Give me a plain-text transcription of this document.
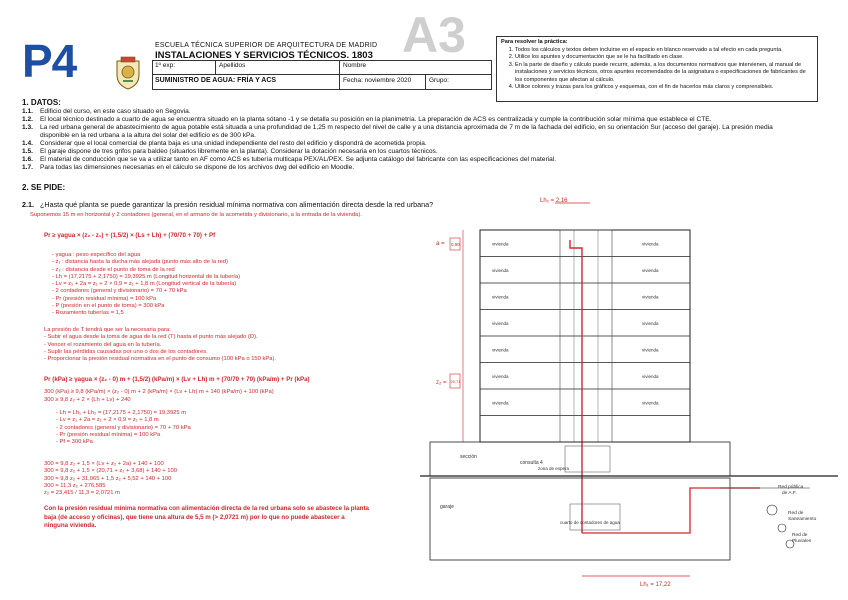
P4	A3
ESCUELA TÉCNICA SUPERIOR DE ARQUITECTURA DE MADRID
INSTALACIONES Y SERVICIOS TÉCNICOS. 1803
1º exp:	Apellidos	Nombre
SUMINISTRO DE AGUA: FRÍA Y ACS	Fecha: noviembre 2020	Grupo:
Para resolver la práctica:
1. Todos los cálculos y textos deben incluirse en el espacio en blanco reservado a tal efecto en cada pregunta.
2. Utilice los apuntes y documentación que se le ha facilitado en clase.
3. En la parte de diseño y cálculo puede recurrir, además, a los documentos normativos que intervienen, al manual de instalaciones y servicios técnicos, otros apuntes recomendados de la asignatura o especificaciones de fabricantes de los componentes que afectan al cálculo.
4. Utilice colores y trazas para los gráficos y esquemas, con el fin de hacerlos más claros y comprensibles.
1. DATOS:
1.1. Edificio del curso, en este caso situado en Segovia.
1.2. El local técnico destinado a cuarto de agua se encuentra situado en la planta sótano -1 y se detalla su posición en la planimetría. La preparación de ACS es centralizada y cumple la contribución solar mínima que establece el CTE.
1.3. La red urbana general de abastecimiento de agua potable está situada a una profundidad de 1,25 m respecto del nivel de calle y a una distancia aproximada de 7 m de la fachada del edificio, en su orientación Sur (acceso del garaje). La presión media
disponible en la red urbana a la altura del solar del edificio es de 300 kPa.
1.4. Considerar que el local comercial de planta baja es una unidad independiente del resto del edificio y dispondrá de acometida propia.
1.5. El garaje dispone de tres grifos para baldeo (situarlos libremente en la planta). Considerar la dotación necesaria en los cuartos técnicos.
1.6. El material de conducción que se va a utilizar tanto en AF como ACS es tubería multicapa PEX/AL/PEX. Se adjunta catálogo del fabricante con las especificaciones del material.
1.7. Para todas las dimensiones necesarias en el cálculo se dispone de los archivos dwg del edificio en Moodle.
2. SE PIDE:
2.1. ¿Hasta qué planta se puede garantizar la presión residual mínima normativa con alimentación directa desde la red urbana?
Suponemos 15 m en horizontal y 2 contadores (general, en el armario de la acometida y divisionario, a la entrada de la vivienda).
Pr ≥ γagua × (z₂ - z₁) + (1,5/2) × (Ls + Lh) + (70/70 + 70) + Pf
- γagua : peso específico del agua
- z₁ : distancia hasta la ducha más alejada (punto más alto de la red)
- z₂ : distancia desde el punto de toma de la red
- Lh = (17,2175 + 2,1750) = 19,3925 m (Longitud horizontal de la tubería)
- Lv = z₁ + 2a = z₁ + 2 × 0,9 = z₁ + 1,8 m (Longitud vertical de la tubería)
- 2 contadores (general y divisionario) = 70 + 70 kPa
- Pr (presión residual mínima) = 100 kPa
- P (presión en el punto de toma) = 300 kPa
- Rozamiento tuberías = 1,5
La presión de T tendrá que ser la necesaria para:
- Subir el agua desde la toma de agua de la red (T) hasta el punto más alejado (D).
- Vencer el rozamiento del agua en la tubería.
- Suplir las pérdidas causadas por uno o dos de los contadores.
- Proporcionar la presión residual normativa en el punto de consumo (100 kPa o 150 kPa).
Pr (kPa) ≥ γagua × (z₂ - 0) m + (1,5/2) (kPa/m) × (Lv + Lh) m + (70/70 + 70) (kPa/m) + Pr (kPa)
300 (kPa) ≥ 9,8 (kPa/m) × (z₂ - 0) m + 2 (kPa/m) × (Lv + Lh) m + 140 (kPa/m) + 100 (kPa)
300 ≥ 9,8 z₂ + 2 × (Lh + Lv) + 240
- Lh = Lh₁ + Lh₂ = (17,2175 + 2,1750) = 19,3925 m
- Lv = z₁ + 2a = z₁ + 2 × 0,9 = z₁ + 1,8 m
- 2 contadores (general y divisionario) = 70 + 70 kPa
- Pr (presión residual mínima) = 100 kPa
- Pf = 300 kPa
300 = 9,8 z₂ + 1,5 × (Lv + z₂ + 2a) + 140 + 100
300 = 9,8 z₂ + 1,5 × (20,71 + z₂ + 3,68) + 140 + 100
300 = 9,8 z₂ + 31,065 + 1,5 z₂ + 5,52 + 140 + 100
300 = 11,3 z₂ + 276,585
z₂ = 23,415 / 11,3 = 2,0721 m
Con la presión residual mínima normativa con alimentación directa de la red urbana solo se abastece la planta
baja (de acceso y oficinas), que tiene una altura de 5,5 m (> 2,0721 m) por lo que no puede abastecer a
ninguna vivienda.
Lh₂ = 2,16
vivienda	vivienda
vivienda	vivienda
vivienda	vivienda
vivienda	vivienda
vivienda	vivienda
vivienda	vivienda
vivienda	vivienda
a = 0,90
z₂ = 20,71
sección
consulta 4
zona de espera
garaje
cuarto de contadores de agua
Red pública
de A.F.
Red de
Saneamiento
Red de
Pluviales
Lh₁ = 17,22
